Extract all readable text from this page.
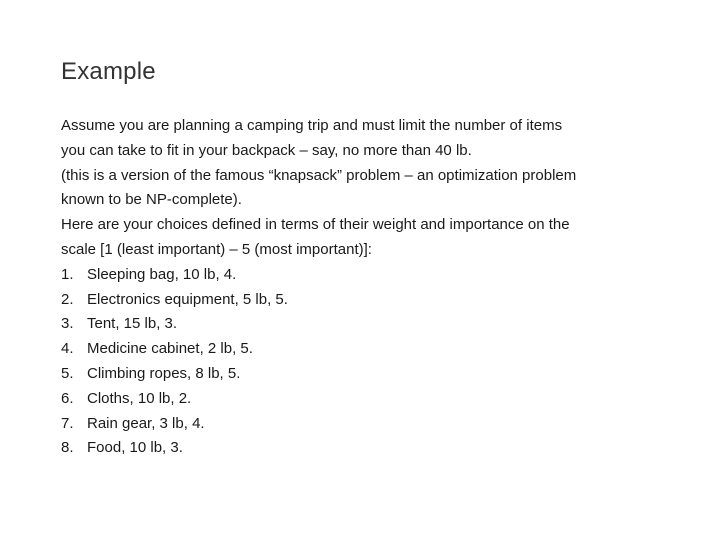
Example
Assume you are planning a camping trip and must limit the number of items
you can take to fit in your backpack – say, no more than 40 lb.
(this is a version of the famous “knapsack” problem – an optimization problem
known to be NP-complete).
Here are your choices defined in terms of their weight and importance on the
scale [1 (least important) – 5 (most important)]:
1. Sleeping bag, 10 lb, 4.
2. Electronics equipment, 5 lb, 5.
3. Tent, 15 lb, 3.
4. Medicine cabinet, 2 lb, 5.
5. Climbing ropes, 8 lb, 5.
6. Cloths, 10 lb, 2.
7. Rain gear, 3 lb, 4.
8. Food, 10 lb, 3.
